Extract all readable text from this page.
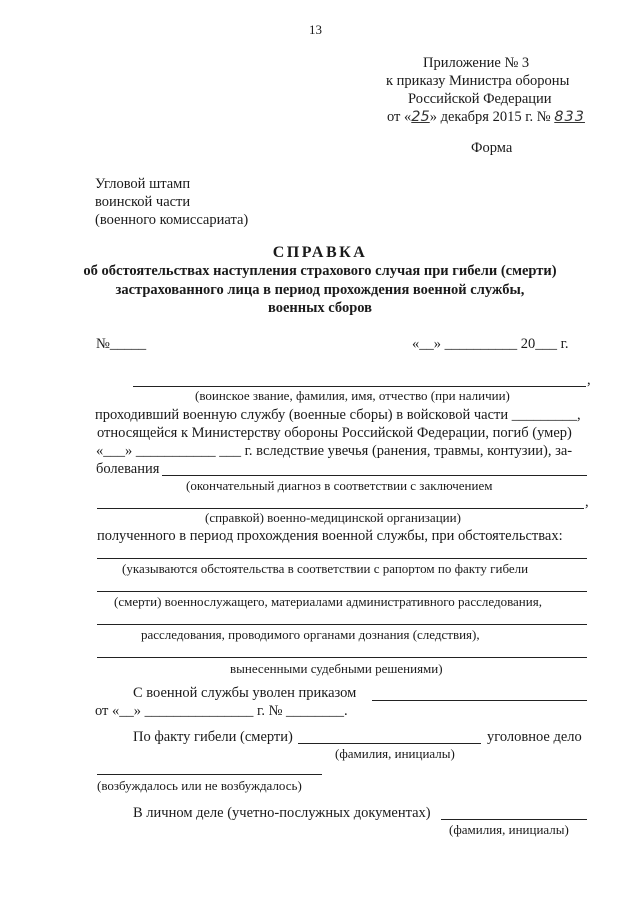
13
Приложение № 3
к приказу Министра обороны
Российской Федерации
от «25» декабря 2015 г. № 833
Форма
Угловой штамп
воинской части
(военного комиссариата)
СПРАВКА
об обстоятельствах наступления страхового случая при гибели (смерти)
застрахованного лица в период прохождения военной службы,
военных сборов
№_____	«__» __________ 20___ г.
,
(воинское звание, фамилия, имя, отчество (при наличии)
проходивший военную службу (военные сборы) в войсковой части _________,
относящейся к Министерству обороны Российской Федерации, погиб (умер)
«___» ___________ ___ г. вследствие увечья (ранения, травмы, контузии), за-
болевания
(окончательный диагноз в соответствии с заключением
,
(справкой) военно-медицинской организации)
полученного в период прохождения военной службы, при обстоятельствах:
(указываются обстоятельства в соответствии с рапортом по факту гибели
(смерти) военнослужащего, материалами административного расследования,
расследования, проводимого органами дознания (следствия),
вынесенными судебными решениями)
С военной службы уволен приказом
от «__» _______________ г. № ________.
По факту гибели (смерти)	уголовное дело
(фамилия, инициалы)
(возбуждалось или не возбуждалось)
В личном деле (учетно-послужных документах)
(фамилия, инициалы)
